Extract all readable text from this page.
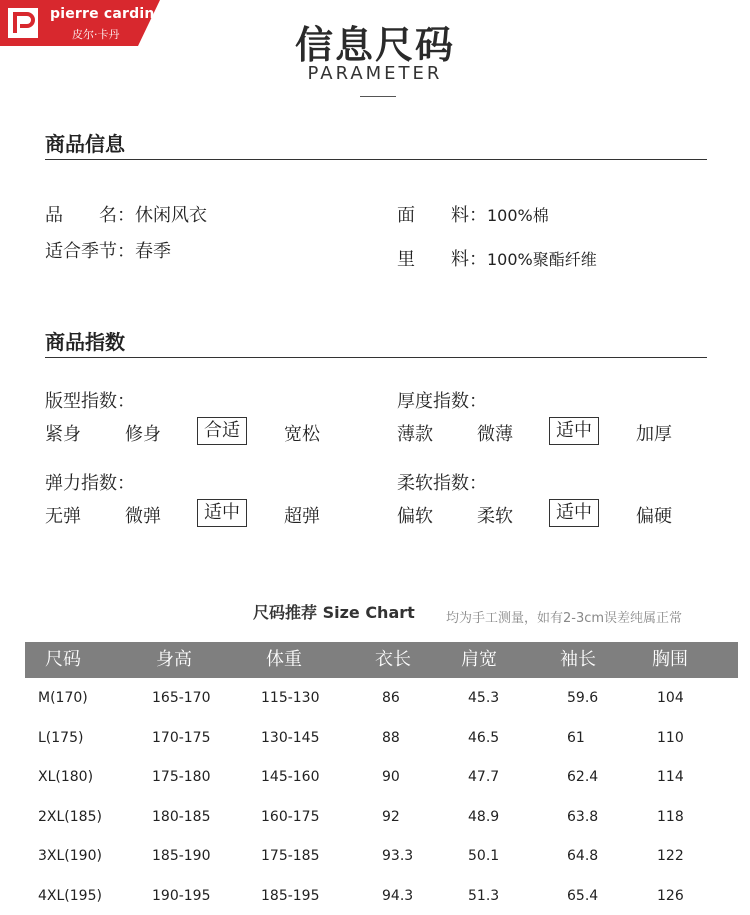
pierre cardin
皮尔·卡丹	信息尺码
PARAMETER
商品信息
品　　名：休闲风衣
适合季节：春季
面　　料：100%棉
里　　料：100%聚酯纤维
商品指数
版型指数：
紧身 修身	合适	宽松
厚度指数：
薄款 微薄	适中	加厚
弹力指数：
无弹 微弹	适中	超弹
柔软指数：
偏软 柔软	适中	偏硬
尺码推荐 Size Chart 均为手工测量，如有2-3cm误差纯属正常
尺码	身高	体重	衣长	肩宽	袖长	胸围
M(170)	165-170	115-130	86	45.3	59.6	104
L(175)	170-175	130-145	88	46.5	61	110
XL(180)	175-180	145-160	90	47.7	62.4	114
2XL(185)	180-185	160-175	92	48.9	63.8	118
3XL(190)	185-190	175-185	93.3	50.1	64.8	122
4XL(195)	190-195	185-195	94.3	51.3	65.4	126
